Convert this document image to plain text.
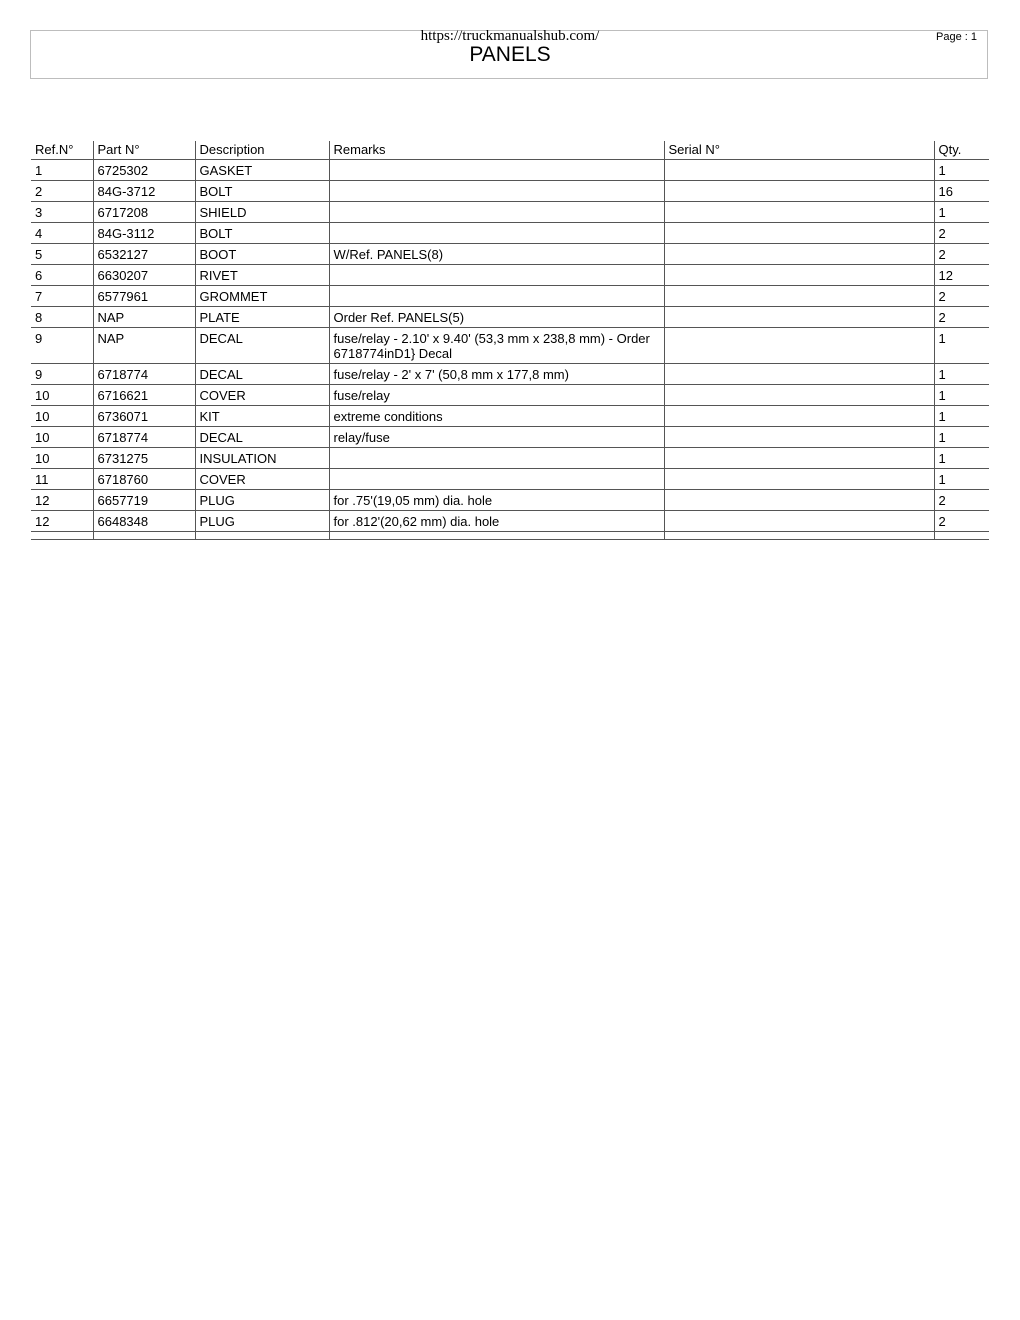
https://truckmanualshub.com/
PANELS
Page : 1
Ref.N°	Part N°	Description	Remarks	Serial N°	Qty.
1	6725302	GASKET			1
2	84G-3712	BOLT			16
3	6717208	SHIELD			1
4	84G-3112	BOLT			2
5	6532127	BOOT	W/Ref. PANELS(8)		2
6	6630207	RIVET			12
7	6577961	GROMMET			2
8	NAP	PLATE	Order Ref. PANELS(5)		2
9	NAP	DECAL	fuse/relay - 2.10' x 9.40' (53,3 mm x 238,8 mm) - Order 6718774inD1} Decal		1
9	6718774	DECAL	fuse/relay - 2' x 7' (50,8 mm x 177,8 mm)		1
10	6716621	COVER	fuse/relay		1
10	6736071	KIT	extreme conditions		1
10	6718774	DECAL	relay/fuse		1
10	6731275	INSULATION			1
11	6718760	COVER			1
12	6657719	PLUG	for .75'(19,05 mm) dia. hole		2
12	6648348	PLUG	for .812'(20,62 mm) dia. hole		2
